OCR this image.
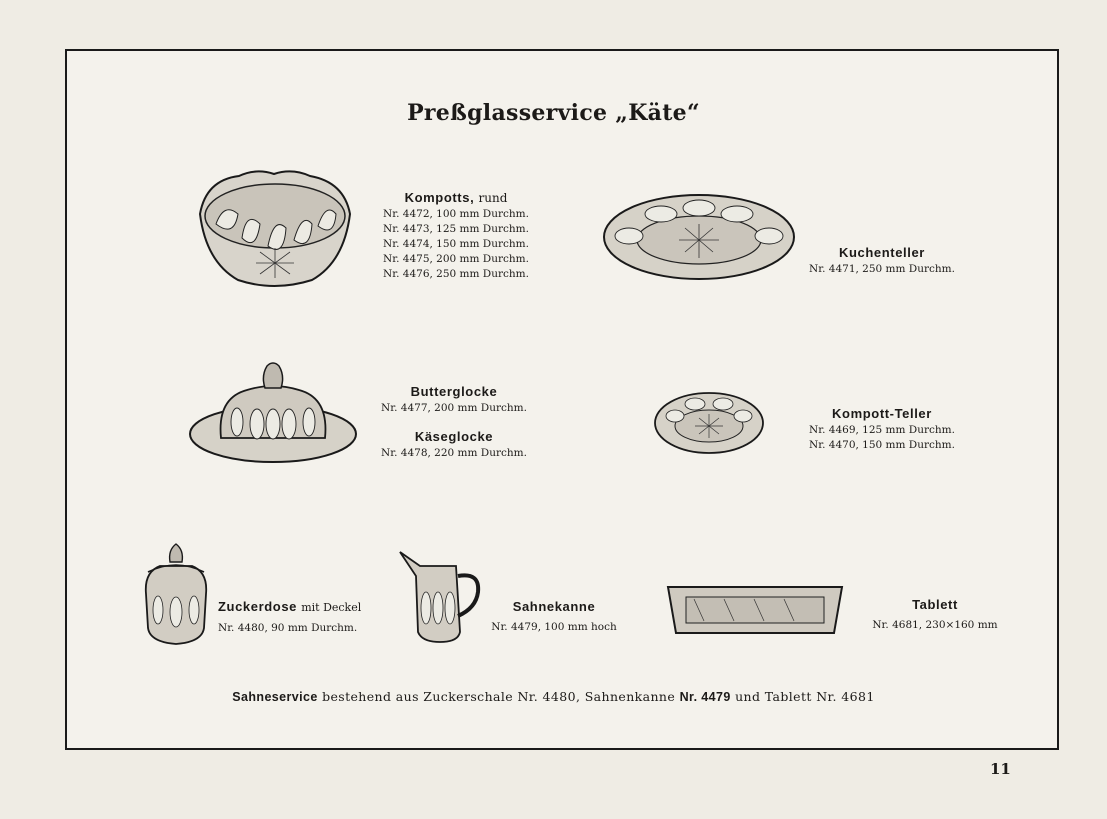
Preßglasservice „Käte“
Kompotts, rund
Nr. 4472, 100 mm Durchm.
Nr. 4473, 125 mm Durchm.
Nr. 4474, 150 mm Durchm.
Nr. 4475, 200 mm Durchm.
Nr. 4476, 250 mm Durchm.
Kuchenteller
Nr. 4471, 250 mm Durchm.
Butterglocke
Nr. 4477, 200 mm Durchm.
Käseglocke
Nr. 4478, 220 mm Durchm.
Kompott-Teller
Nr. 4469, 125 mm Durchm.
Nr. 4470, 150 mm Durchm.
Zuckerdose mit Deckel
Nr. 4480, 90 mm Durchm.
Sahnekanne
Nr. 4479, 100 mm hoch
Tablett
Nr. 4681, 230×160 mm
Sahneservice bestehend aus Zuckerschale Nr. 4480, Sahnenkanne Nr. 4479 und Tablett Nr. 4681
11
